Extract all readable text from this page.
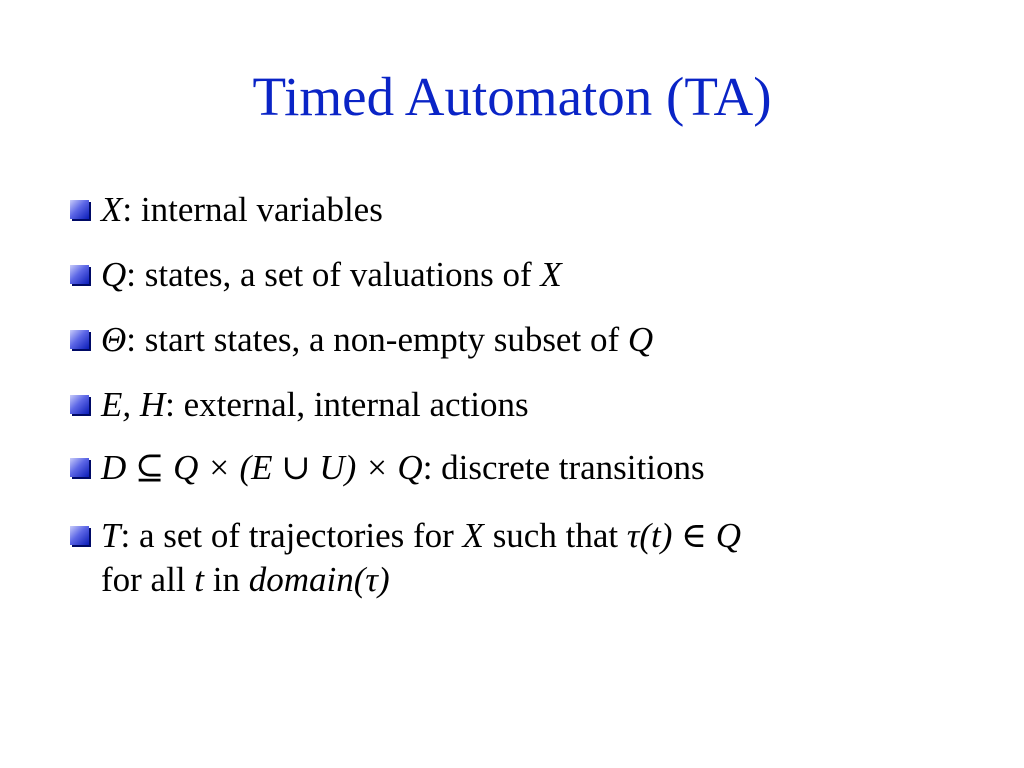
Timed Automaton (TA)
X: internal variables
Q: states, a set of valuations of X
Θ: start states, a non-empty subset of Q
E, H: external, internal actions
D ⊆ Q × (E ∪ U) × Q: discrete transitions
T: a set of trajectories for X such that τ(t) ∈ Q
for all t in domain(τ)
